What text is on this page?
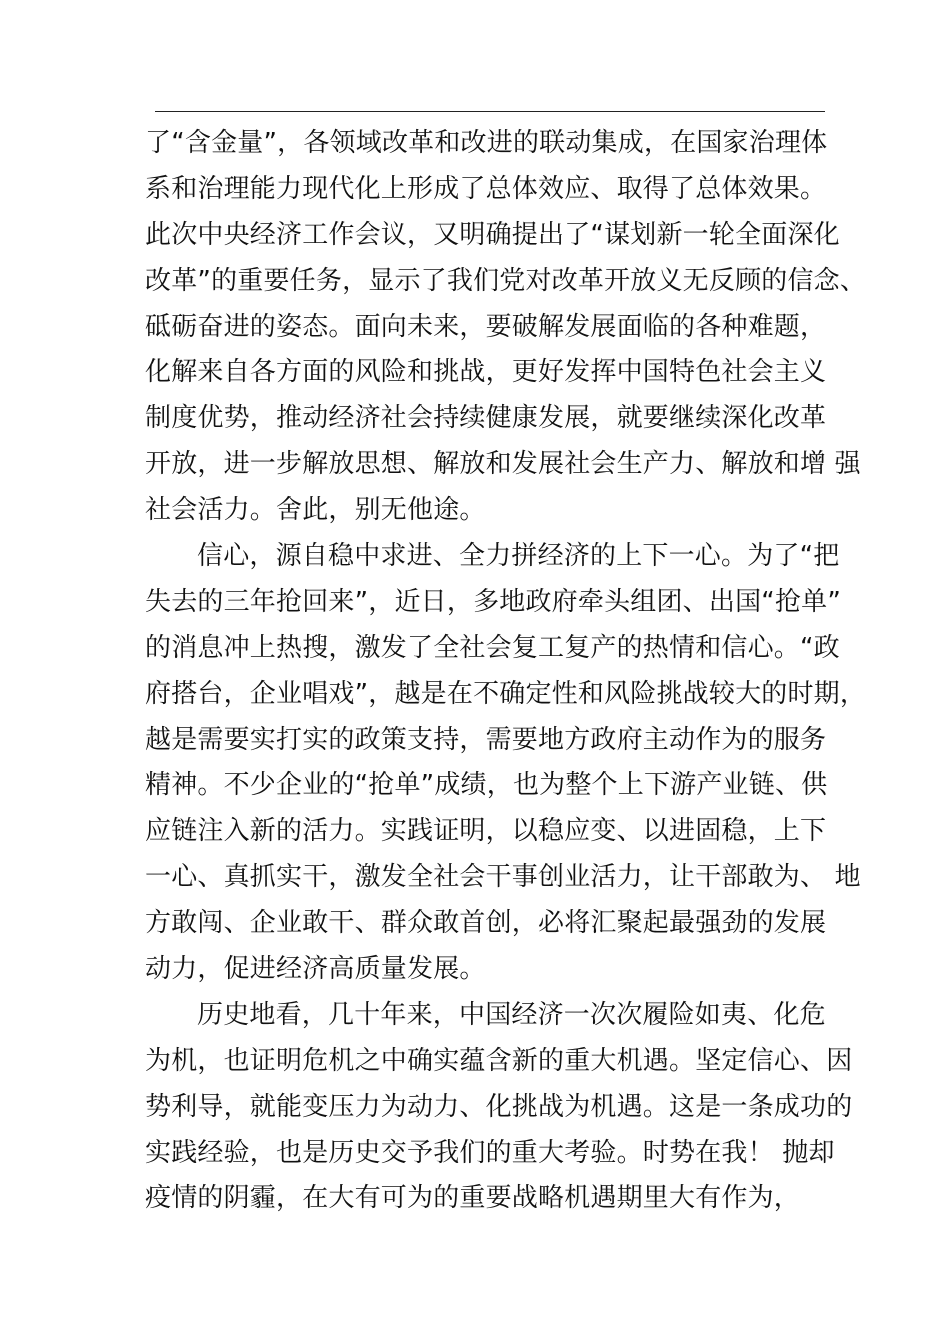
了“含金量”，各领域改革和改进的联动集成，在国家治理体
系和治理能力现代化上形成了总体效应、取得了总体效果。
此次中央经济工作会议，又明确提出了“谋划新一轮全面深化
改革”的重要任务，显示了我们党对改革开放义无反顾的信念、
砥砺奋进的姿态。面向未来，要破解发展面临的各种难题，
化解来自各方面的风险和挑战，更好发挥中国特色社会主义
制度优势，推动经济社会持续健康发展，就要继续深化改革
开放，进一步解放思想、解放和发展社会生产力、解放和增 强
社会活力。舍此，别无他途。
信心，源自稳中求进、全力拼经济的上下一心。为了“把
失去的三年抢回来”，近日，多地政府牵头组团、出国“抢单”
的消息冲上热搜，激发了全社会复工复产的热情和信心。“政
府搭台，企业唱戏”，越是在不确定性和风险挑战较大的时期，
越是需要实打实的政策支持，需要地方政府主动作为的服务
精神。不少企业的“抢单”成绩，也为整个上下游产业链、供
应链注入新的活力。实践证明，以稳应变、以进固稳，上下
一心、真抓实干，激发全社会干事创业活力，让干部敢为、 地
方敢闯、企业敢干、群众敢首创，必将汇聚起最强劲的发展
动力，促进经济高质量发展。
历史地看，几十年来，中国经济一次次履险如夷、化危
为机，也证明危机之中确实蕴含新的重大机遇。坚定信心、因
势利导，就能变压力为动力、化挑战为机遇。这是一条成功的
实践经验，也是历史交予我们的重大考验。时势在我！ 抛却
疫情的阴霾，在大有可为的重要战略机遇期里大有作为，
